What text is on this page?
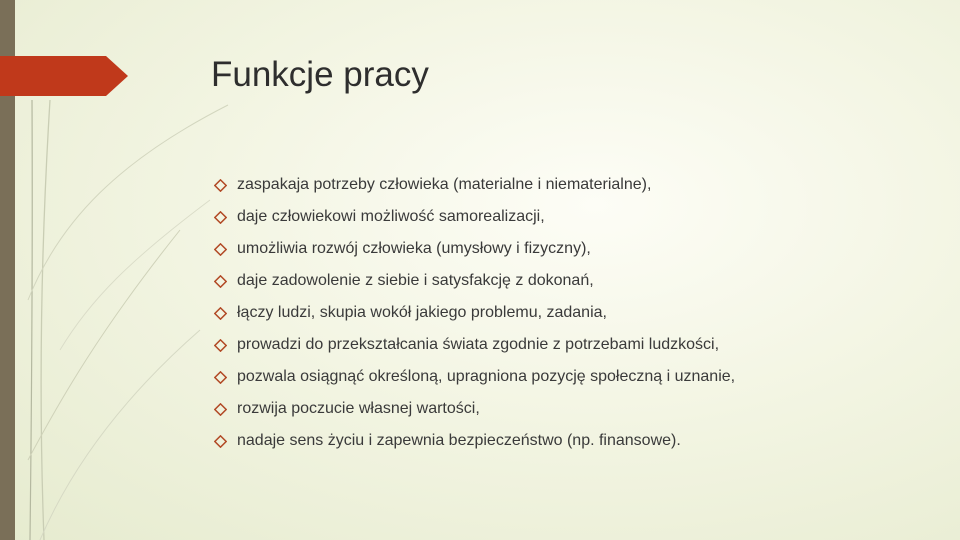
Funkcje pracy
zaspakaja potrzeby człowieka (materialne i niematerialne),
daje człowiekowi możliwość samorealizacji,
umożliwia rozwój człowieka (umysłowy i fizyczny),
daje zadowolenie z siebie i satysfakcję z dokonań,
łączy ludzi, skupia wokół jakiego problemu, zadania,
prowadzi do przekształcania świata zgodnie z potrzebami ludzkości,
pozwala osiągnąć określoną, upragniona pozycję społeczną i uznanie,
rozwija poczucie własnej wartości,
nadaje sens życiu i zapewnia bezpieczeństwo (np. finansowe).
